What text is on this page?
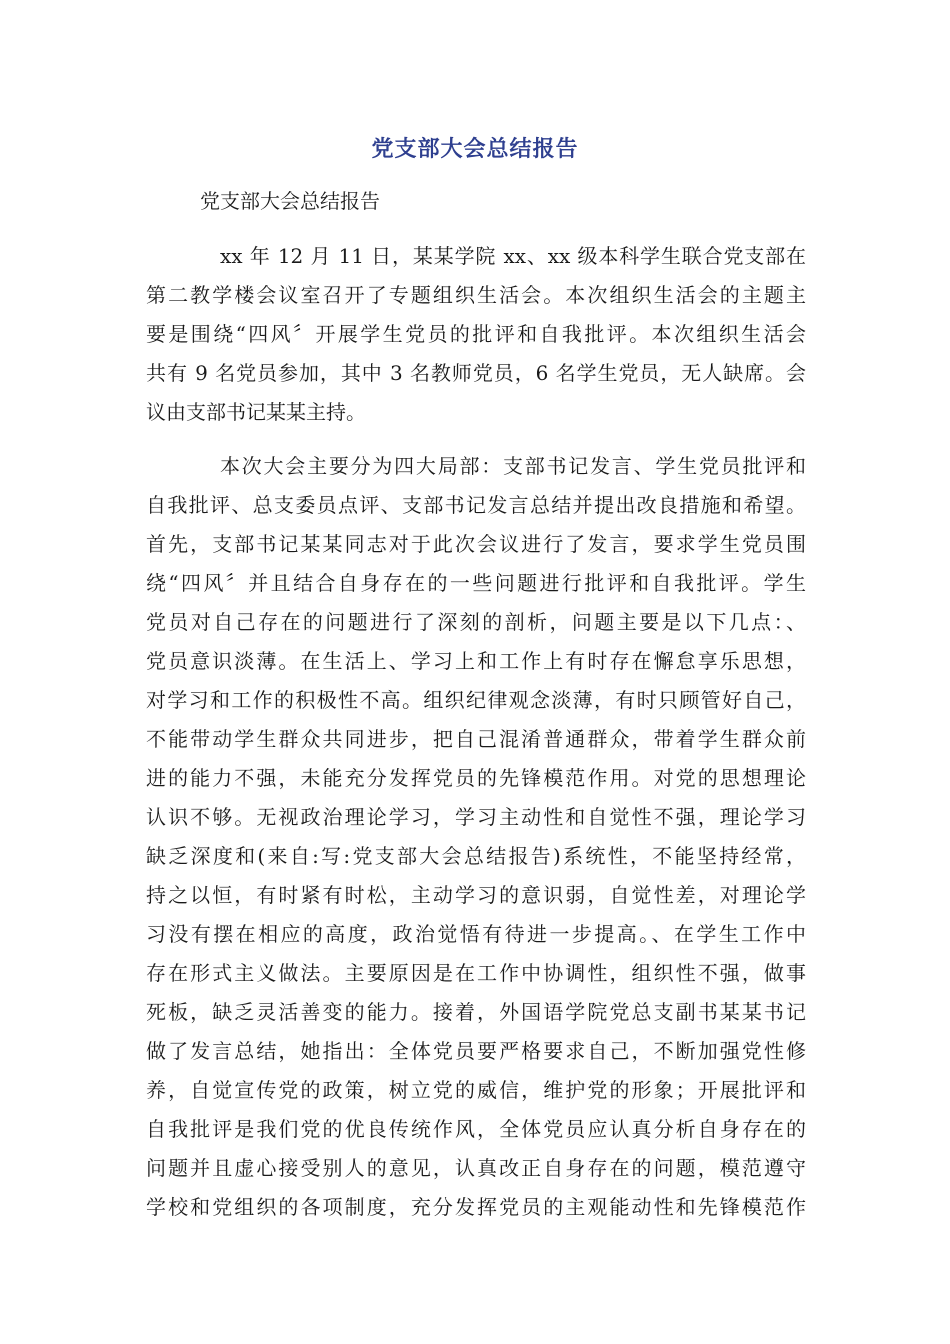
党支部大会总结报告
党支部大会总结报告
xx 年 12 月 11 日，某某学院 xx、xx 级本科学生联合党支部在
第二教学楼会议室召开了专题组织生活会。本次组织生活会的主题主
要是围绕“四风〞开展学生党员的批评和自我批评。本次组织生活会
共有 9 名党员参加，其中 3 名教师党员，6 名学生党员，无人缺席。会
议由支部书记某某主持。
本次大会主要分为四大局部：支部书记发言、学生党员批评和
自我批评、总支委员点评、支部书记发言总结并提出改良措施和希望。
首先，支部书记某某同志对于此次会议进行了发言，要求学生党员围
绕“四风〞并且结合自身存在的一些问题进行批评和自我批评。学生
党员对自己存在的问题进行了深刻的剖析，问题主要是以下几点：、
党员意识淡薄。在生活上、学习上和工作上有时存在懈怠享乐思想，
对学习和工作的积极性不高。组织纪律观念淡薄，有时只顾管好自己，
不能带动学生群众共同进步，把自己混淆普通群众，带着学生群众前
进的能力不强，未能充分发挥党员的先锋模范作用。对党的思想理论
认识不够。无视政治理论学习，学习主动性和自觉性不强，理论学习
缺乏深度和(来自:写:党支部大会总结报告)系统性，不能坚持经常，
持之以恒，有时紧有时松，主动学习的意识弱，自觉性差，对理论学
习没有摆在相应的高度，政治觉悟有待进一步提高。、在学生工作中
存在形式主义做法。主要原因是在工作中协调性，组织性不强，做事
死板，缺乏灵活善变的能力。接着，外国语学院党总支副书某某书记
做了发言总结，她指出：全体党员要严格要求自己，不断加强党性修
养，自觉宣传党的政策，树立党的威信，维护党的形象；开展批评和
自我批评是我们党的优良传统作风，全体党员应认真分析自身存在的
问题并且虚心接受别人的意见，认真改正自身存在的问题，模范遵守
学校和党组织的各项制度，充分发挥党员的主观能动性和先锋模范作
